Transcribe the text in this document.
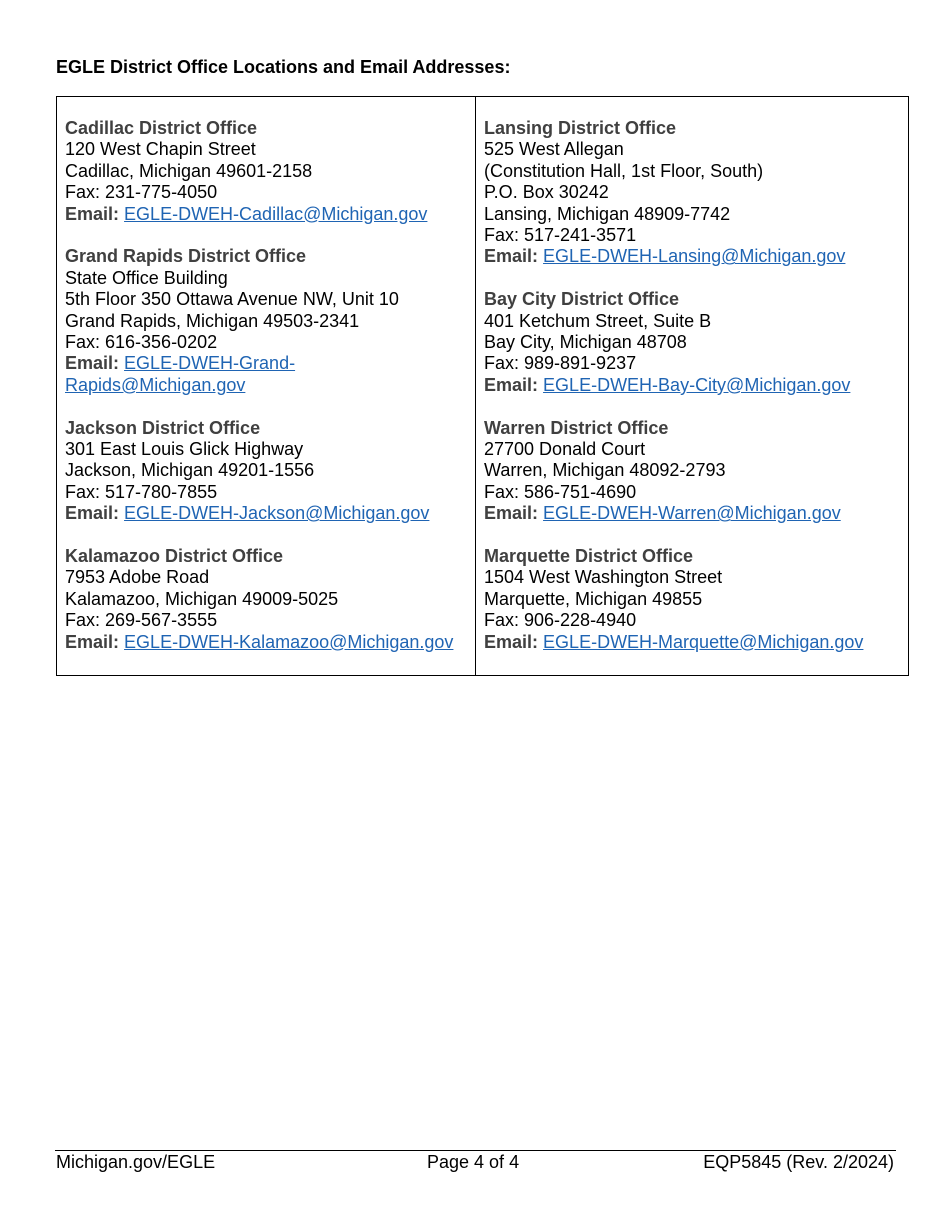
EGLE District Office Locations and Email Addresses:
Cadillac District Office
120 West Chapin Street
Cadillac, Michigan 49601-2158
Fax: 231-775-4050
Email: EGLE-DWEH-Cadillac@Michigan.gov
Grand Rapids District Office
State Office Building
5th Floor 350 Ottawa Avenue NW, Unit 10
Grand Rapids, Michigan 49503-2341
Fax: 616-356-0202
Email: EGLE-DWEH-Grand-Rapids@Michigan.gov
Jackson District Office
301 East Louis Glick Highway
Jackson, Michigan 49201-1556
Fax: 517-780-7855
Email: EGLE-DWEH-Jackson@Michigan.gov
Kalamazoo District Office
7953 Adobe Road
Kalamazoo, Michigan 49009-5025
Fax: 269-567-3555
Email: EGLE-DWEH-Kalamazoo@Michigan.gov
Lansing District Office
525 West Allegan
(Constitution Hall, 1st Floor, South)
P.O. Box 30242
Lansing, Michigan 48909-7742
Fax: 517-241-3571
Email: EGLE-DWEH-Lansing@Michigan.gov
Bay City District Office
401 Ketchum Street, Suite B
Bay City, Michigan 48708
Fax: 989-891-9237
Email: EGLE-DWEH-Bay-City@Michigan.gov
Warren District Office
27700 Donald Court
Warren, Michigan 48092-2793
Fax: 586-751-4690
Email: EGLE-DWEH-Warren@Michigan.gov
Marquette District Office
1504 West Washington Street
Marquette, Michigan 49855
Fax: 906-228-4940
Email: EGLE-DWEH-Marquette@Michigan.gov
Michigan.gov/EGLE	Page 4 of 4	EQP5845 (Rev. 2/2024)
